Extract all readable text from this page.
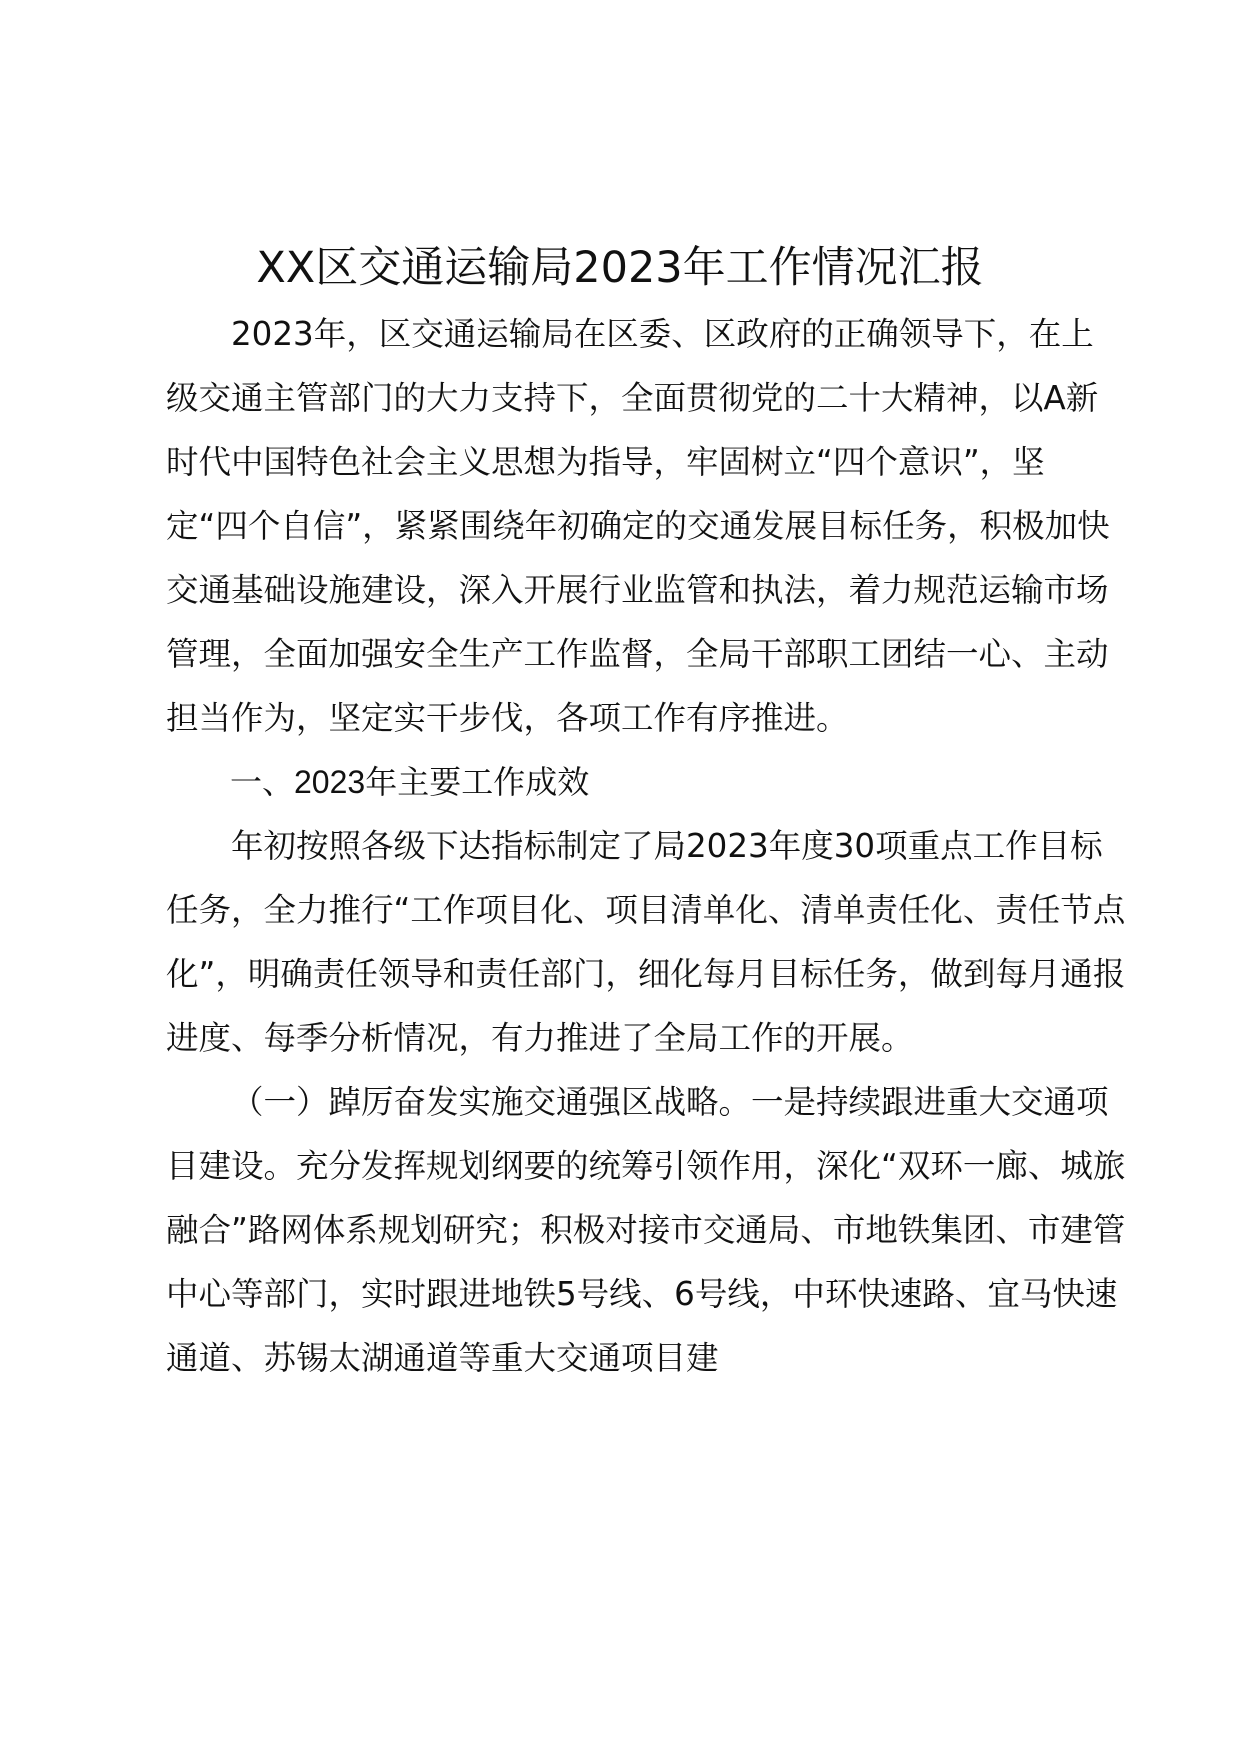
XX区交通运输局2023年工作情况汇报

2023年，区交通运输局在区委、区政府的正确领导下，在上级交通主管部门的大力支持下，全面贯彻党的二十大精神，以A新时代中国特色社会主义思想为指导，牢固树立“四个意识”，坚定“四个自信”，紧紧围绕年初确定的交通发展目标任务，积极加快交通基础设施建设，深入开展行业监管和执法，着力规范运输市场管理，全面加强安全生产工作监督，全局干部职工团结一心、主动担当作为，坚定实干步伐，各项工作有序推进。

一、2023年主要工作成效

年初按照各级下达指标制定了局2023年度30项重点工作目标任务，全力推行“工作项目化、项目清单化、清单责任化、责任节点化”，明确责任领导和责任部门，细化每月目标任务，做到每月通报进度、每季分析情况，有力推进了全局工作的开展。

（一）踔厉奋发实施交通强区战略。一是持续跟进重大交通项目建设。充分发挥规划纲要的统筹引领作用，深化“双环一廊、城旅融合”路网体系规划研究；积极对接市交通局、市地铁集团、市建管中心等部门，实时跟进地铁5号线、6号线，中环快速路、宜马快速通道、苏锡太湖通道等重大交通项目建
